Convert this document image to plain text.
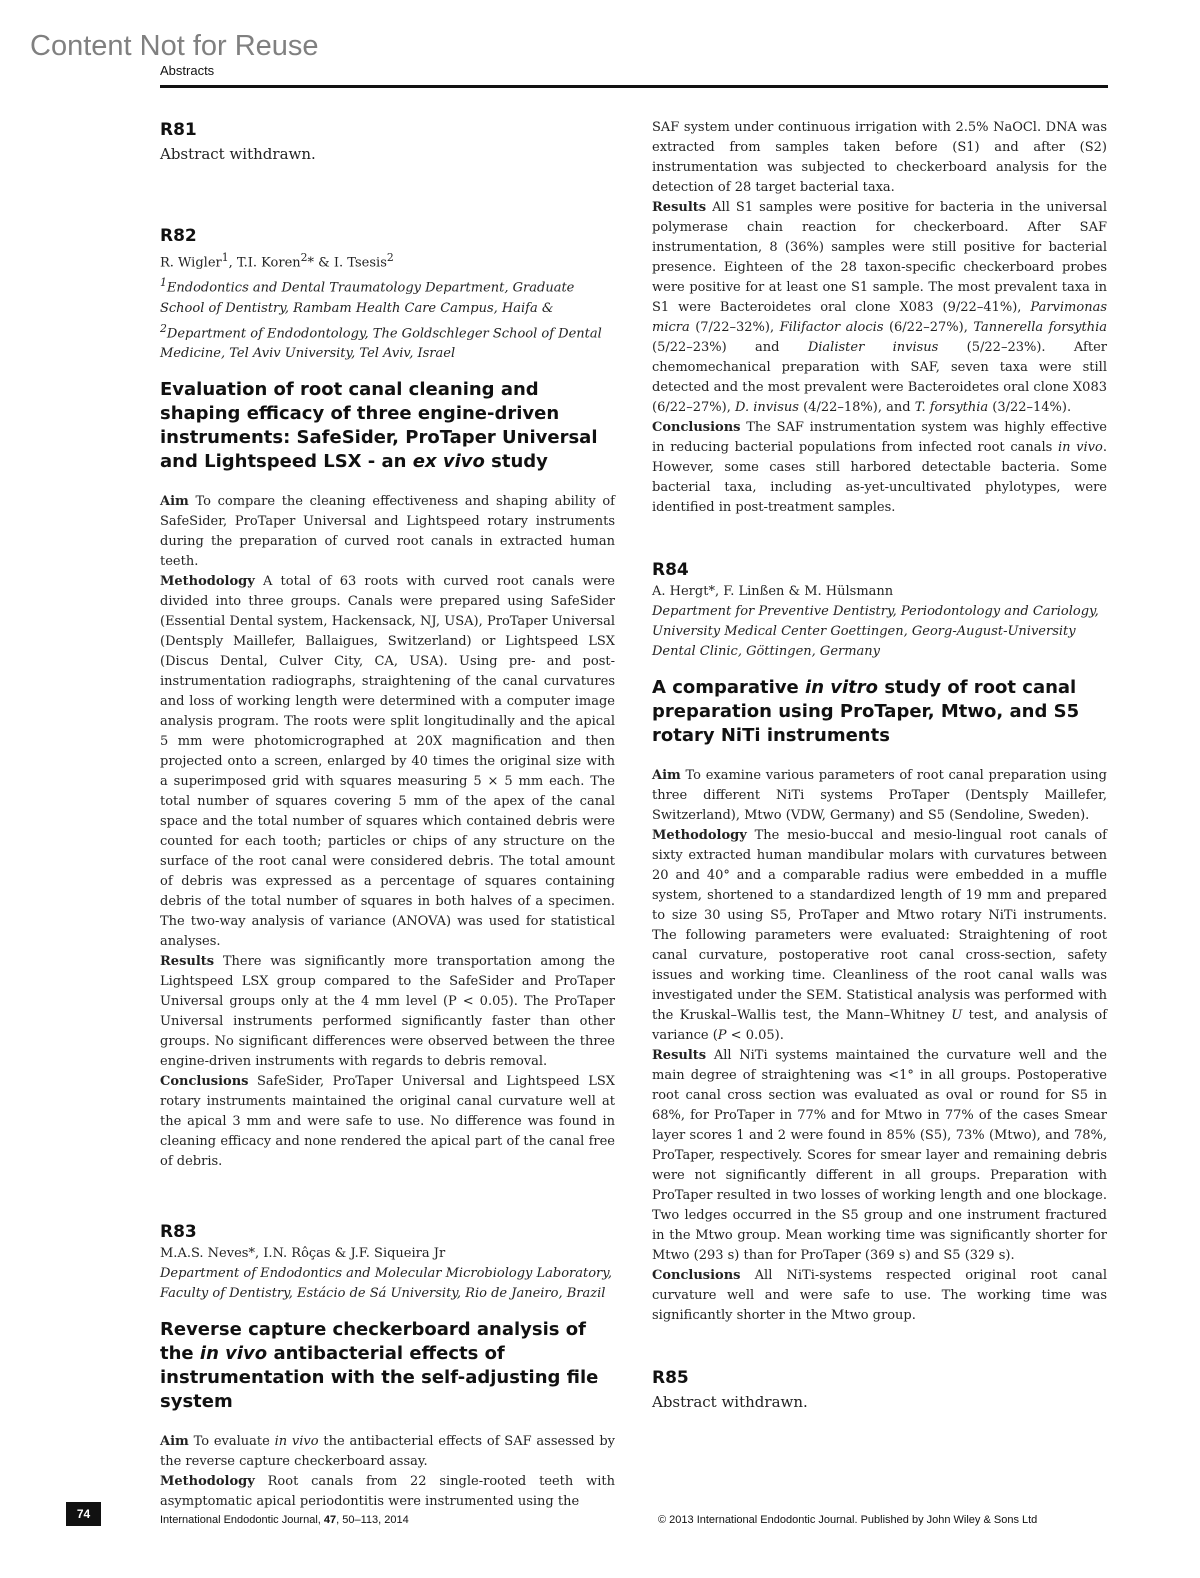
Content Not for Reuse
Abstracts
R81

Abstract withdrawn.

R82

R. Wigler$^1$, T.I. Koren$^2$* & I. Tsesis$^2$

$^1$Endodontics and Dental Traumatology Department, Graduate School of Dentistry, Rambam Health Care Campus, Haifa & $^2$Department of Endodontology, The Goldschleger School of Dental Medicine, Tel Aviv University, Tel Aviv, Israel

Evaluation of root canal cleaning and shaping efficacy of three engine-driven instruments: SafeSider, ProTaper Universal and Lightspeed LSX - an ex vivo study

Aim To compare the cleaning effectiveness and shaping ability of SafeSider, ProTaper Universal and Lightspeed rotary instruments during the preparation of curved root canals in extracted human teeth.

Methodology A total of 63 roots with curved root canals were divided into three groups. Canals were prepared using SafeSider (Essential Dental system, Hackensack, NJ, USA), ProTaper Universal (Dentsply Maillefer, Ballaigues, Switzerland) or Lightspeed LSX (Discus Dental, Culver City, CA, USA). Using pre- and post-instrumentation radiographs, straightening of the canal curvatures and loss of working length were determined with a computer image analysis program. The roots were split longitudinally and the apical 5 mm were photomicrographed at 20X magnification and then projected onto a screen, enlarged by 40 times the original size with a superimposed grid with squares measuring 5 × 5 mm each. The total number of squares covering 5 mm of the apex of the canal space and the total number of squares which contained debris were counted for each tooth; particles or chips of any structure on the surface of the root canal were considered debris. The total amount of debris was expressed as a percentage of squares containing debris of the total number of squares in both halves of a specimen. The two-way analysis of variance (ANOVA) was used for statistical analyses.

Results There was significantly more transportation among the Lightspeed LSX group compared to the SafeSider and ProTaper Universal groups only at the 4 mm level (P < 0.05). The ProTaper Universal instruments performed significantly faster than other groups. No significant differences were observed between the three engine-driven instruments with regards to debris removal.

Conclusions SafeSider, ProTaper Universal and Lightspeed LSX rotary instruments maintained the original canal curvature well at the apical 3 mm and were safe to use. No difference was found in cleaning efficacy and none rendered the apical part of the canal free of debris.

R83

M.A.S. Neves*, I.N. Rôças & J.F. Siqueira Jr

Department of Endodontics and Molecular Microbiology Laboratory, Faculty of Dentistry, Estácio de Sá University, Rio de Janeiro, Brazil

Reverse capture checkerboard analysis of the in vivo antibacterial effects of instrumentation with the self-adjusting file system

Aim To evaluate in vivo the antibacterial effects of SAF assessed by the reverse capture checkerboard assay.

Methodology Root canals from 22 single-rooted teeth with asymptomatic apical periodontitis were instrumented using the

SAF system under continuous irrigation with 2.5% NaOCl. DNA was extracted from samples taken before (S1) and after (S2) instrumentation was subjected to checkerboard analysis for the detection of 28 target bacterial taxa.

Results All S1 samples were positive for bacteria in the universal polymerase chain reaction for checkerboard. After SAF instrumentation, 8 (36%) samples were still positive for bacterial presence. Eighteen of the 28 taxon-specific checkerboard probes were positive for at least one S1 sample. The most prevalent taxa in S1 were Bacteroidetes oral clone X083 (9/22–41%), Parvimonas micra (7/22–32%), Filifactor alocis (6/22–27%), Tannerella forsythia (5/22–23%) and Dialister invisus (5/22–23%). After chemomechanical preparation with SAF, seven taxa were still detected and the most prevalent were Bacteroidetes oral clone X083 (6/22–27%), D. invisus (4/22–18%), and T. forsythia (3/22–14%).

Conclusions The SAF instrumentation system was highly effective in reducing bacterial populations from infected root canals in vivo. However, some cases still harbored detectable bacteria. Some bacterial taxa, including as-yet-uncultivated phylotypes, were identified in post-treatment samples.

R84

A. Hergt*, F. Linßen & M. Hülsmann

Department for Preventive Dentistry, Periodontology and Cariology, University Medical Center Goettingen, Georg-August-University Dental Clinic, Göttingen, Germany

A comparative in vitro study of root canal preparation using ProTaper, Mtwo, and S5 rotary NiTi instruments

Aim To examine various parameters of root canal preparation using three different NiTi systems ProTaper (Dentsply Maillefer, Switzerland), Mtwo (VDW, Germany) and S5 (Sendoline, Sweden).

Methodology The mesio-buccal and mesio-lingual root canals of sixty extracted human mandibular molars with curvatures between 20 and 40° and a comparable radius were embedded in a muffle system, shortened to a standardized length of 19 mm and prepared to size 30 using S5, ProTaper and Mtwo rotary NiTi instruments. The following parameters were evaluated: Straightening of root canal curvature, postoperative root canal cross-section, safety issues and working time. Cleanliness of the root canal walls was investigated under the SEM. Statistical analysis was performed with the Kruskal–Wallis test, the Mann–Whitney U test, and analysis of variance (P < 0.05).

Results All NiTi systems maintained the curvature well and the main degree of straightening was <1° in all groups. Postoperative root canal cross section was evaluated as oval or round for S5 in 68%, for ProTaper in 77% and for Mtwo in 77% of the cases Smear layer scores 1 and 2 were found in 85% (S5), 73% (Mtwo), and 78%, ProTaper, respectively. Scores for smear layer and remaining debris were not significantly different in all groups. Preparation with ProTaper resulted in two losses of working length and one blockage. Two ledges occurred in the S5 group and one instrument fractured in the Mtwo group. Mean working time was significantly shorter for Mtwo (293 s) than for ProTaper (369 s) and S5 (329 s).

Conclusions All NiTi-systems respected original root canal curvature well and were safe to use. The working time was significantly shorter in the Mtwo group.

R85

Abstract withdrawn.

74	International Endodontic Journal, 47, 50–113, 2014	© 2013 International Endodontic Journal. Published by John Wiley & Sons Ltd
